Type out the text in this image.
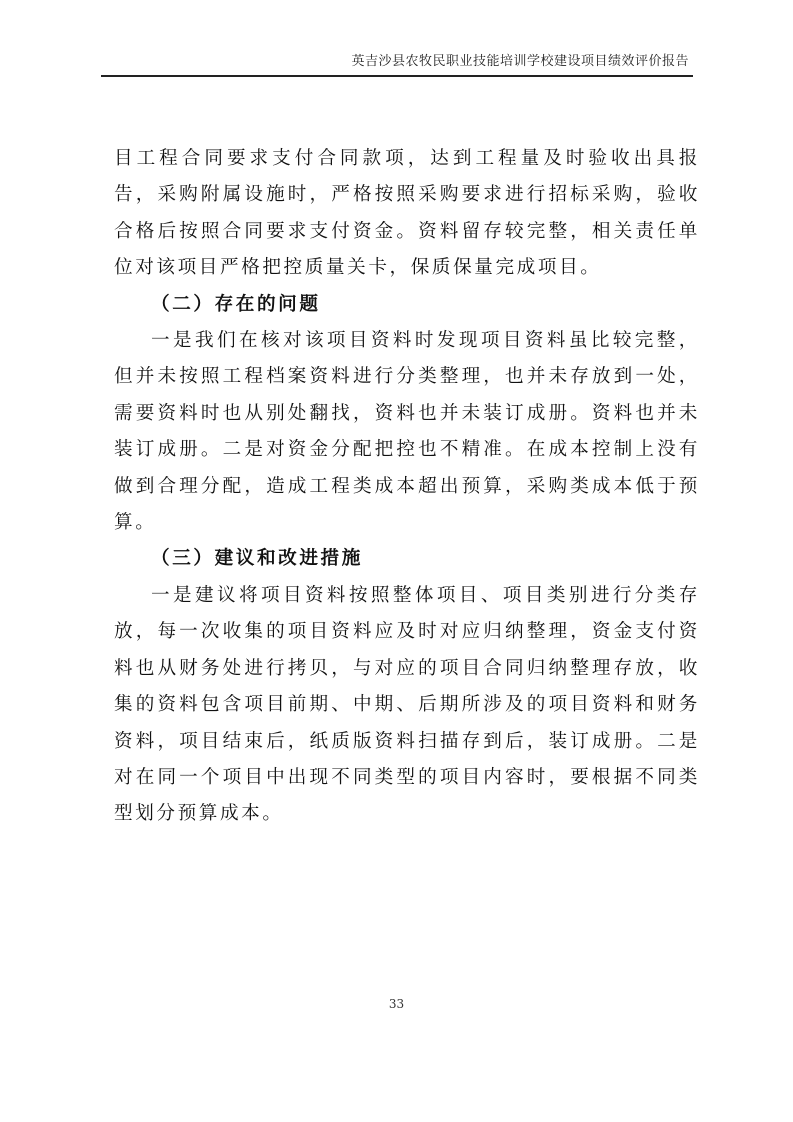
英吉沙县农牧民职业技能培训学校建设项目绩效评价报告

目工程合同要求支付合同款项，达到工程量及时验收出具报告，采购附属设施时，严格按照采购要求进行招标采购，验收合格后按照合同要求支付资金。资料留存较完整，相关责任单位对该项目严格把控质量关卡，保质保量完成项目。

（二）存在的问题

一是我们在核对该项目资料时发现项目资料虽比较完整，但并未按照工程档案资料进行分类整理，也并未存放到一处，需要资料时也从别处翻找，资料也并未装订成册。资料也并未装订成册。二是对资金分配把控也不精准。在成本控制上没有做到合理分配，造成工程类成本超出预算，采购类成本低于预算。

（三）建议和改进措施

一是建议将项目资料按照整体项目、项目类别进行分类存放，每一次收集的项目资料应及时对应归纳整理，资金支付资料也从财务处进行拷贝，与对应的项目合同归纳整理存放，收集的资料包含项目前期、中期、后期所涉及的项目资料和财务资料，项目结束后，纸质版资料扫描存到后，装订成册。二是对在同一个项目中出现不同类型的项目内容时，要根据不同类型划分预算成本。

33
